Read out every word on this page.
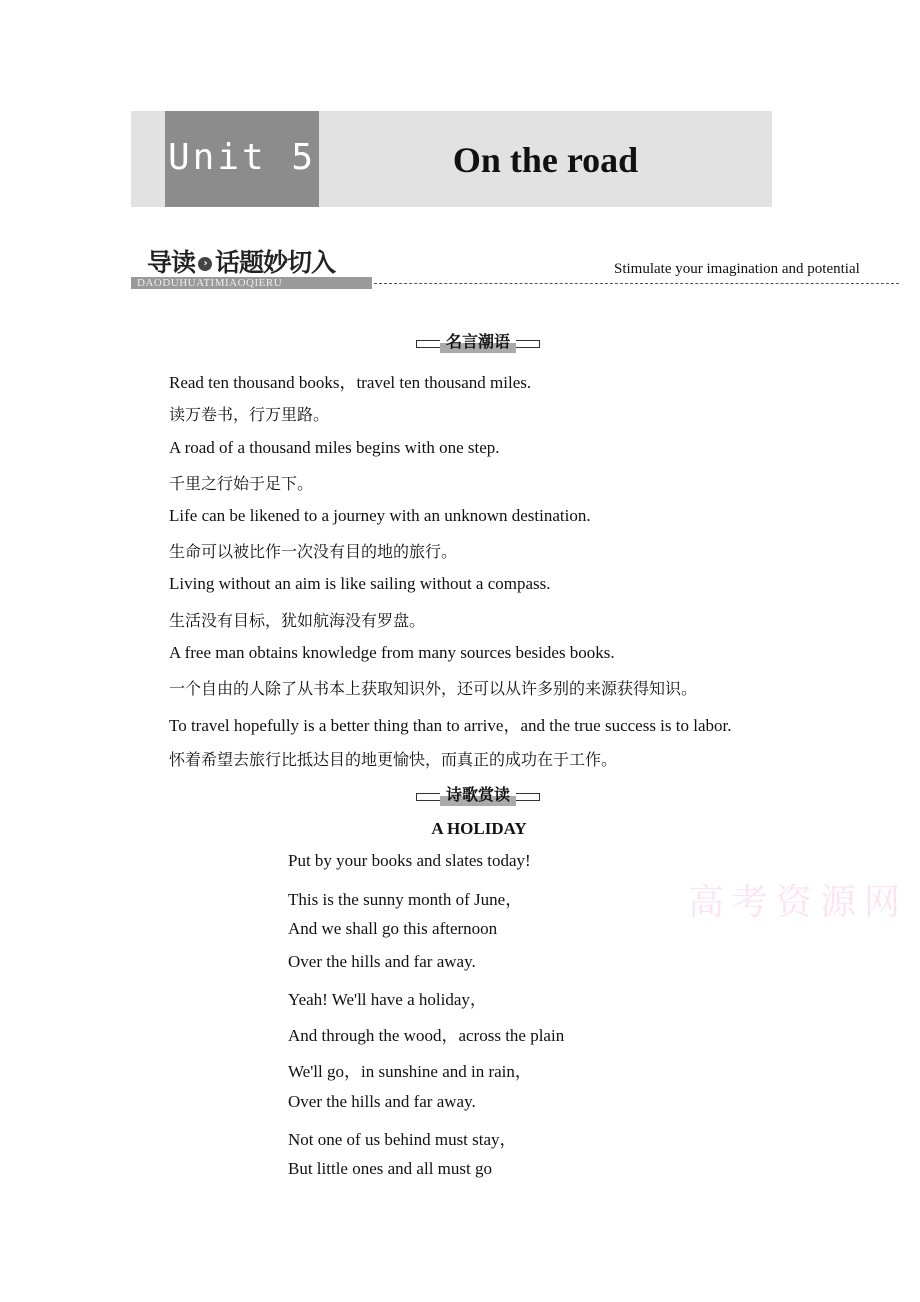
Unit 5	On the road
导读 › 话题妙切入
DAODUHUATIMIAOQIERU
Stimulate your imagination and potential
名言潮语
Read ten thousand books，travel ten thousand miles.
读万卷书，行万里路。
A road of a thousand miles begins with one step.
千里之行始于足下。
Life can be likened to a journey with an unknown destination.
生命可以被比作一次没有目的地的旅行。
Living without an aim is like sailing without a compass.
生活没有目标，犹如航海没有罗盘。
A free man obtains knowledge from many sources besides books.
一个自由的人除了从书本上获取知识外，还可以从许多别的来源获得知识。
To travel hopefully is a better thing than to arrive，and the true success is to labor.
怀着希望去旅行比抵达目的地更愉快，而真正的成功在于工作。
诗歌赏读
A HOLIDAY
Put by your books and slates today!
This is the sunny month of June，
And we shall go this afternoon
Over the hills and far away.
Yeah! We'll have a holiday，
And through the wood，across the plain
We'll go，in sunshine and in rain，
Over the hills and far away.
Not one of us behind must stay，
But little ones and all must go
高考资源网
